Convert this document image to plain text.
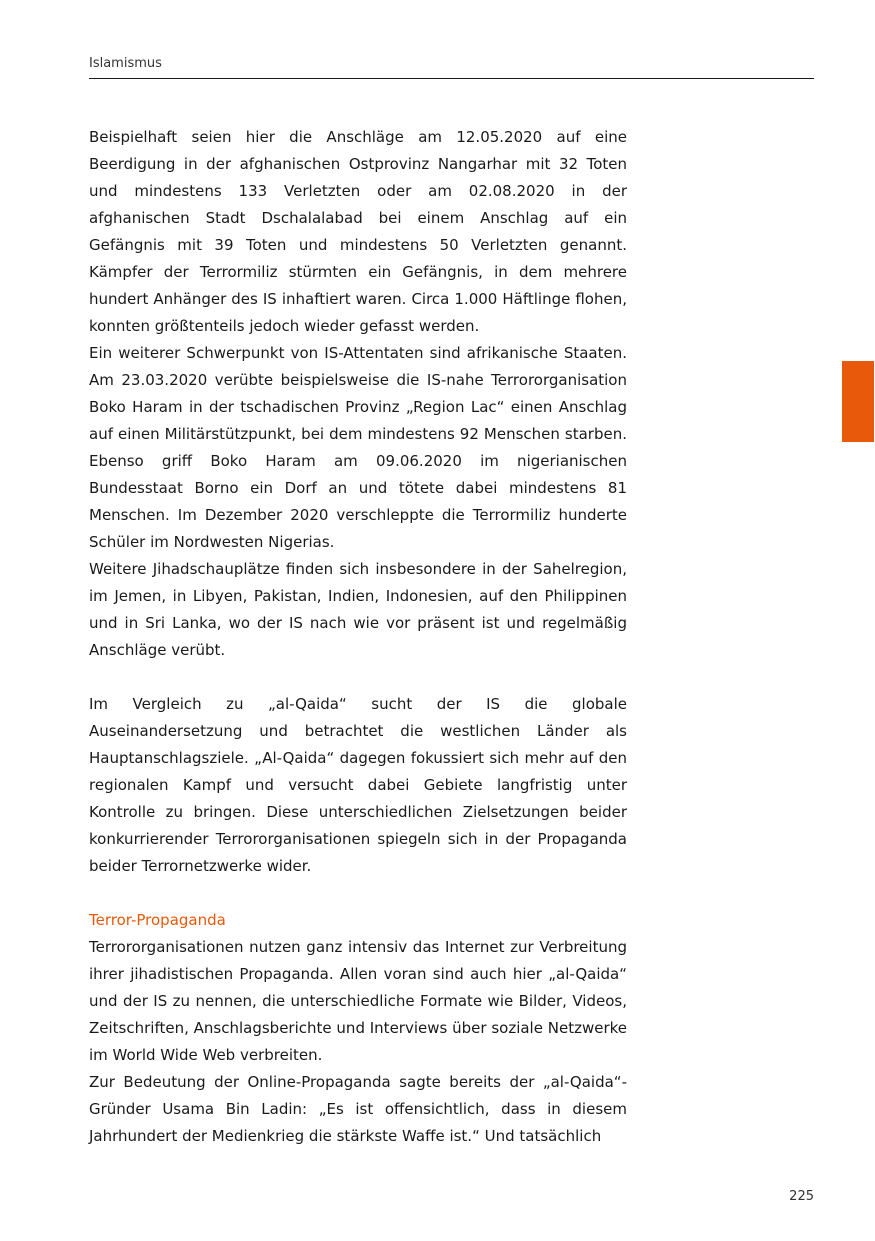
Islamismus

Beispielhaft seien hier die Anschläge am 12.05.2020 auf eine Beerdigung in der afghanischen Ostprovinz Nangarhar mit 32 Toten und mindestens 133 Verletzten oder am 02.08.2020 in der afghanischen Stadt Dschalalabad bei einem Anschlag auf ein Gefängnis mit 39 Toten und mindestens 50 Verletzten genannt. Kämpfer der Terrormiliz stürmten ein Gefängnis, in dem mehrere hundert Anhänger des IS inhaftiert waren. Circa 1.000 Häftlinge flohen, konnten größtenteils jedoch wieder gefasst werden.

Ein weiterer Schwerpunkt von IS-Attentaten sind afrikanische Staaten. Am 23.03.2020 verübte beispielsweise die IS-nahe Terrororganisation Boko Haram in der tschadischen Provinz „Region Lac“ einen Anschlag auf einen Militärstützpunkt, bei dem mindestens 92 Menschen starben. Ebenso griff Boko Haram am 09.06.2020 im nigerianischen Bundesstaat Borno ein Dorf an und tötete dabei mindestens 81 Menschen. Im Dezember 2020 verschleppte die Terrormiliz hunderte Schüler im Nordwesten Nigerias.

Weitere Jihadschauplätze finden sich insbesondere in der Sahelregion, im Jemen, in Libyen, Pakistan, Indien, Indonesien, auf den Philippinen und in Sri Lanka, wo der IS nach wie vor präsent ist und regelmäßig Anschläge verübt.

Im Vergleich zu „al-Qaida“ sucht der IS die globale Auseinandersetzung und betrachtet die westlichen Länder als Hauptanschlagsziele. „Al-Qaida“ dagegen fokussiert sich mehr auf den regionalen Kampf und versucht dabei Gebiete langfristig unter Kontrolle zu bringen. Diese unterschiedlichen Zielsetzungen beider konkurrierender Terrororganisationen spiegeln sich in der Propaganda beider Terrornetzwerke wider.

Terror-Propaganda

Terrororganisationen nutzen ganz intensiv das Internet zur Verbreitung ihrer jihadistischen Propaganda. Allen voran sind auch hier „al-Qaida“ und der IS zu nennen, die unterschiedliche Formate wie Bilder, Videos, Zeitschriften, Anschlagsberichte und Interviews über soziale Netzwerke im World Wide Web verbreiten.

Zur Bedeutung der Online-Propaganda sagte bereits der „al-Qaida“-Gründer Usama Bin Ladin: „Es ist offensichtlich, dass in diesem Jahrhundert der Medienkrieg die stärkste Waffe ist.“ Und tatsächlich

225
